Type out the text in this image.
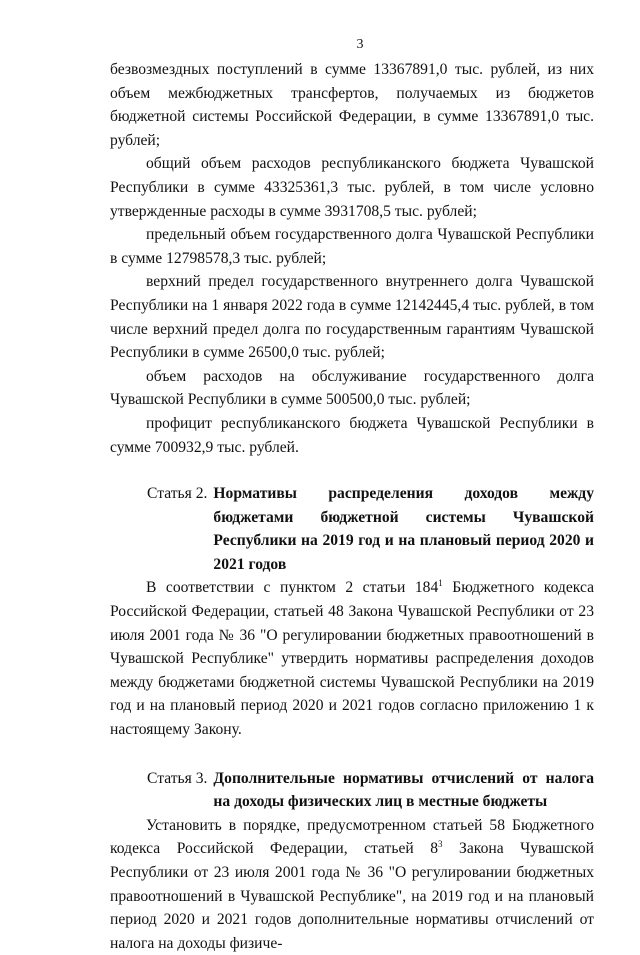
3

безвозмездных поступлений в сумме 13367891,0 тыс. рублей, из них объем межбюджетных трансфертов, получаемых из бюджетов бюджетной системы Российской Федерации, в сумме 13367891,0 тыс. рублей;

общий объем расходов республиканского бюджета Чувашской Республики в сумме 43325361,3 тыс. рублей, в том числе условно утвержденные расходы в сумме 3931708,5 тыс. рублей;

предельный объем государственного долга Чувашской Республики в сумме 12798578,3 тыс. рублей;

верхний предел государственного внутреннего долга Чувашской Республики на 1 января 2022 года в сумме 12142445,4 тыс. рублей, в том числе верхний предел долга по государственным гарантиям Чувашской Республики в сумме 26500,0 тыс. рублей;

объем расходов на обслуживание государственного долга Чувашской Республики в сумме 500500,0 тыс. рублей;

профицит республиканского бюджета Чувашской Республики в сумме 700932,9 тыс. рублей.

Статья 2. Нормативы распределения доходов между бюджетами бюджетной системы Чувашской Республики на 2019 год и на плановый период 2020 и 2021 годов

В соответствии с пунктом 2 статьи $184^1$ Бюджетного кодекса Российской Федерации, статьей 48 Закона Чувашской Республики от 23 июля 2001 года № 36 "О регулировании бюджетных правоотношений в Чувашской Республике" утвердить нормативы распределения доходов между бюджетами бюджетной системы Чувашской Республики на 2019 год и на плановый период 2020 и 2021 годов согласно приложению 1 к настоящему Закону.

Статья 3. Дополнительные нормативы отчислений от налога на доходы физических лиц в местные бюджеты

Установить в порядке, предусмотренном статьей 58 Бюджетного кодекса Российской Федерации, статьей $8^3$ Закона Чувашской Республики от 23 июля 2001 года № 36 "О регулировании бюджетных правоотношений в Чувашской Республике", на 2019 год и на плановый период 2020 и 2021 годов дополнительные нормативы отчислений от налога на доходы физиче-
